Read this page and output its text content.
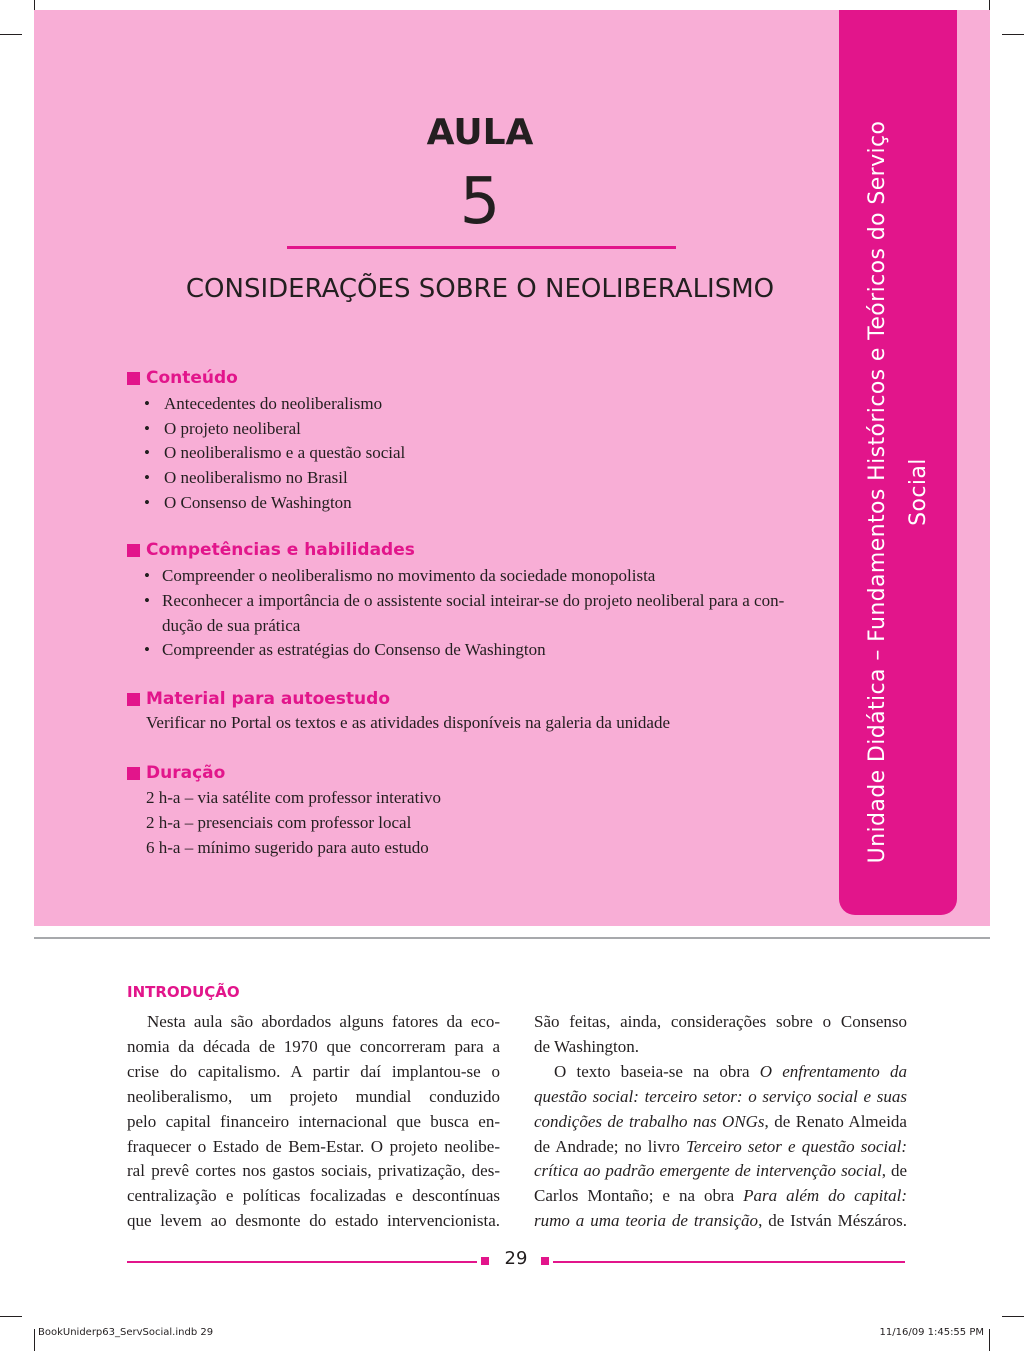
Unidade Didática – Fundamentos Históricos e Teóricos do Serviço Social
AULA
5
CONSIDERAÇÕES SOBRE O NEOLIBERALISMO
Conteúdo
• Antecedentes do neoliberalismo
• O projeto neoliberal
• O neoliberalismo e a questão social
• O neoliberalismo no Brasil
• O Consenso de Washington
Competências e habilidades
• Compreender o neoliberalismo no movimento da sociedade monopolista
• Reconhecer a importância de o assistente social inteirar-se do projeto neoliberal para a con-
dução de sua prática
• Compreender as estratégias do Consenso de Washington
Material para autoestudo
Verificar no Portal os textos e as atividades disponíveis na galeria da unidade
Duração
2 h-a – via satélite com professor interativo
2 h-a – presenciais com professor local
6 h-a – mínimo sugerido para auto estudo
INTRODUÇÃO
Nesta aula são abordados alguns fatores da eco-
nomia da década de 1970 que concorreram para a
crise do capitalismo. A partir daí implantou-se o
neoliberalismo, um projeto mundial conduzido
pelo capital financeiro internacional que busca en-
fraquecer o Estado de Bem-Estar. O projeto neolibe-
ral prevê cortes nos gastos sociais, privatização, des-
centralização e políticas focalizadas e descontínuas
que levem ao desmonte do estado intervencionista.
São feitas, ainda, considerações sobre o Consenso
de Washington.
O texto baseia-se na obra O enfrentamento da
questão social: terceiro setor: o serviço social e suas
condições de trabalho nas ONGs, de Renato Almeida
de Andrade; no livro Terceiro setor e questão social:
crítica ao padrão emergente de intervenção social, de
Carlos Montaño; e na obra Para além do capital:
rumo a uma teoria de transição, de István Mészáros.
29
BookUniderp63_ServSocial.indb 29	11/16/09 1:45:55 PM
